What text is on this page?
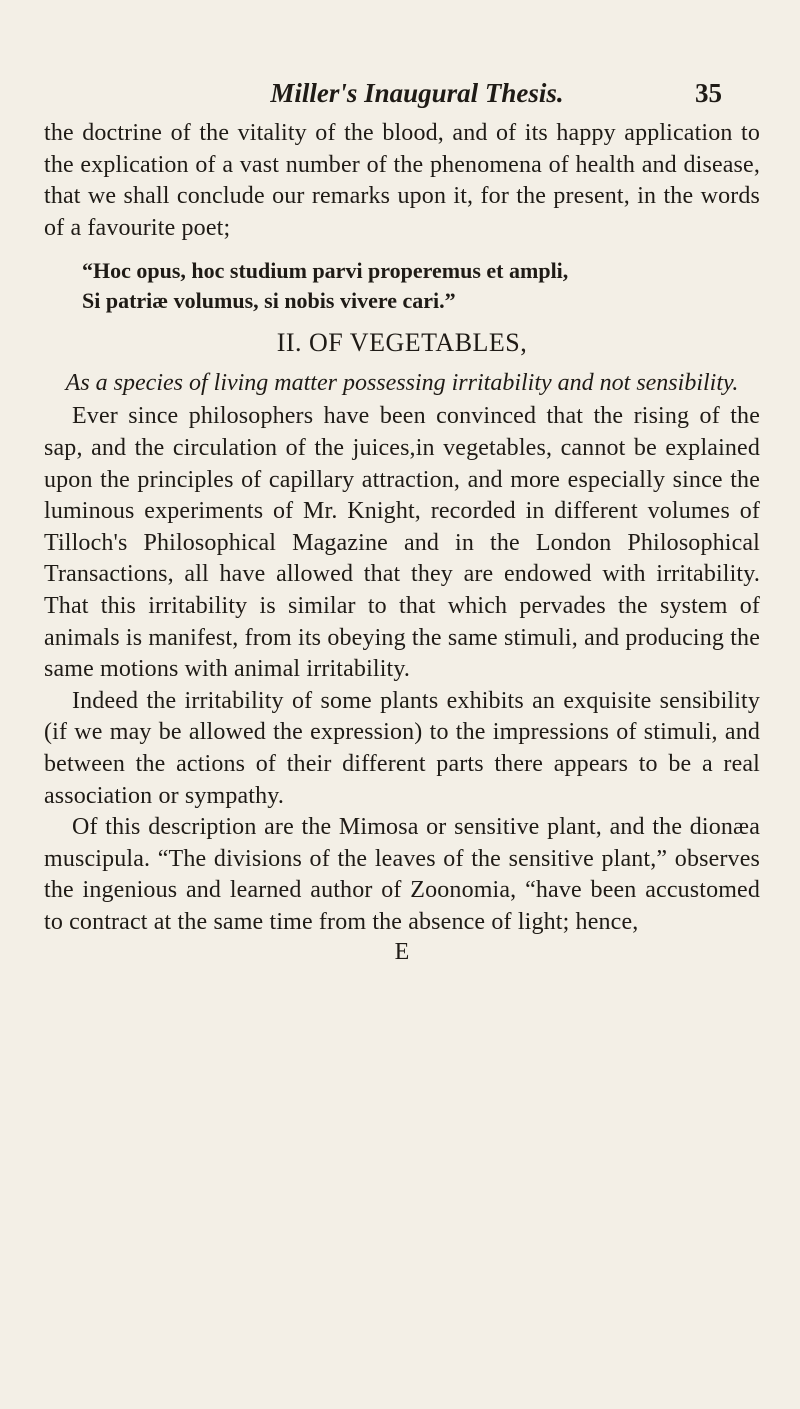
Miller's Inaugural Thesis.	35

the doctrine of the vitality of the blood, and of its happy application to the explication of a vast number of the phenomena of health and disease, that we shall conclude our remarks upon it, for the present, in the words of a favourite poet;

“Hoc opus, hoc studium parvi properemus et ampli,
Si patriæ volumus, si nobis vivere cari.”
II. OF VEGETABLES,
As a species of living matter possessing irritability and not sensibility.

Ever since philosophers have been convinced that the rising of the sap, and the circulation of the juices,in vegetables, cannot be explained upon the principles of capillary attraction, and more especially since the luminous experiments of Mr. Knight, recorded in different volumes of Tilloch's Philosophical Magazine and in the London Philosophical Transactions, all have allowed that they are endowed with irritability. That this irritability is similar to that which pervades the system of animals is manifest, from its obeying the same stimuli, and producing the same motions with animal irritability.

Indeed the irritability of some plants exhibits an exquisite sensibility (if we may be allowed the expression) to the impressions of stimuli, and between the actions of their different parts there appears to be a real association or sympathy.

Of this description are the Mimosa or sensitive plant, and the dionæa muscipula. “The divisions of the leaves of the sensitive plant,” observes the ingenious and learned author of Zoonomia, “have been accustomed to contract at the same time from the absence of light; hence,

E
